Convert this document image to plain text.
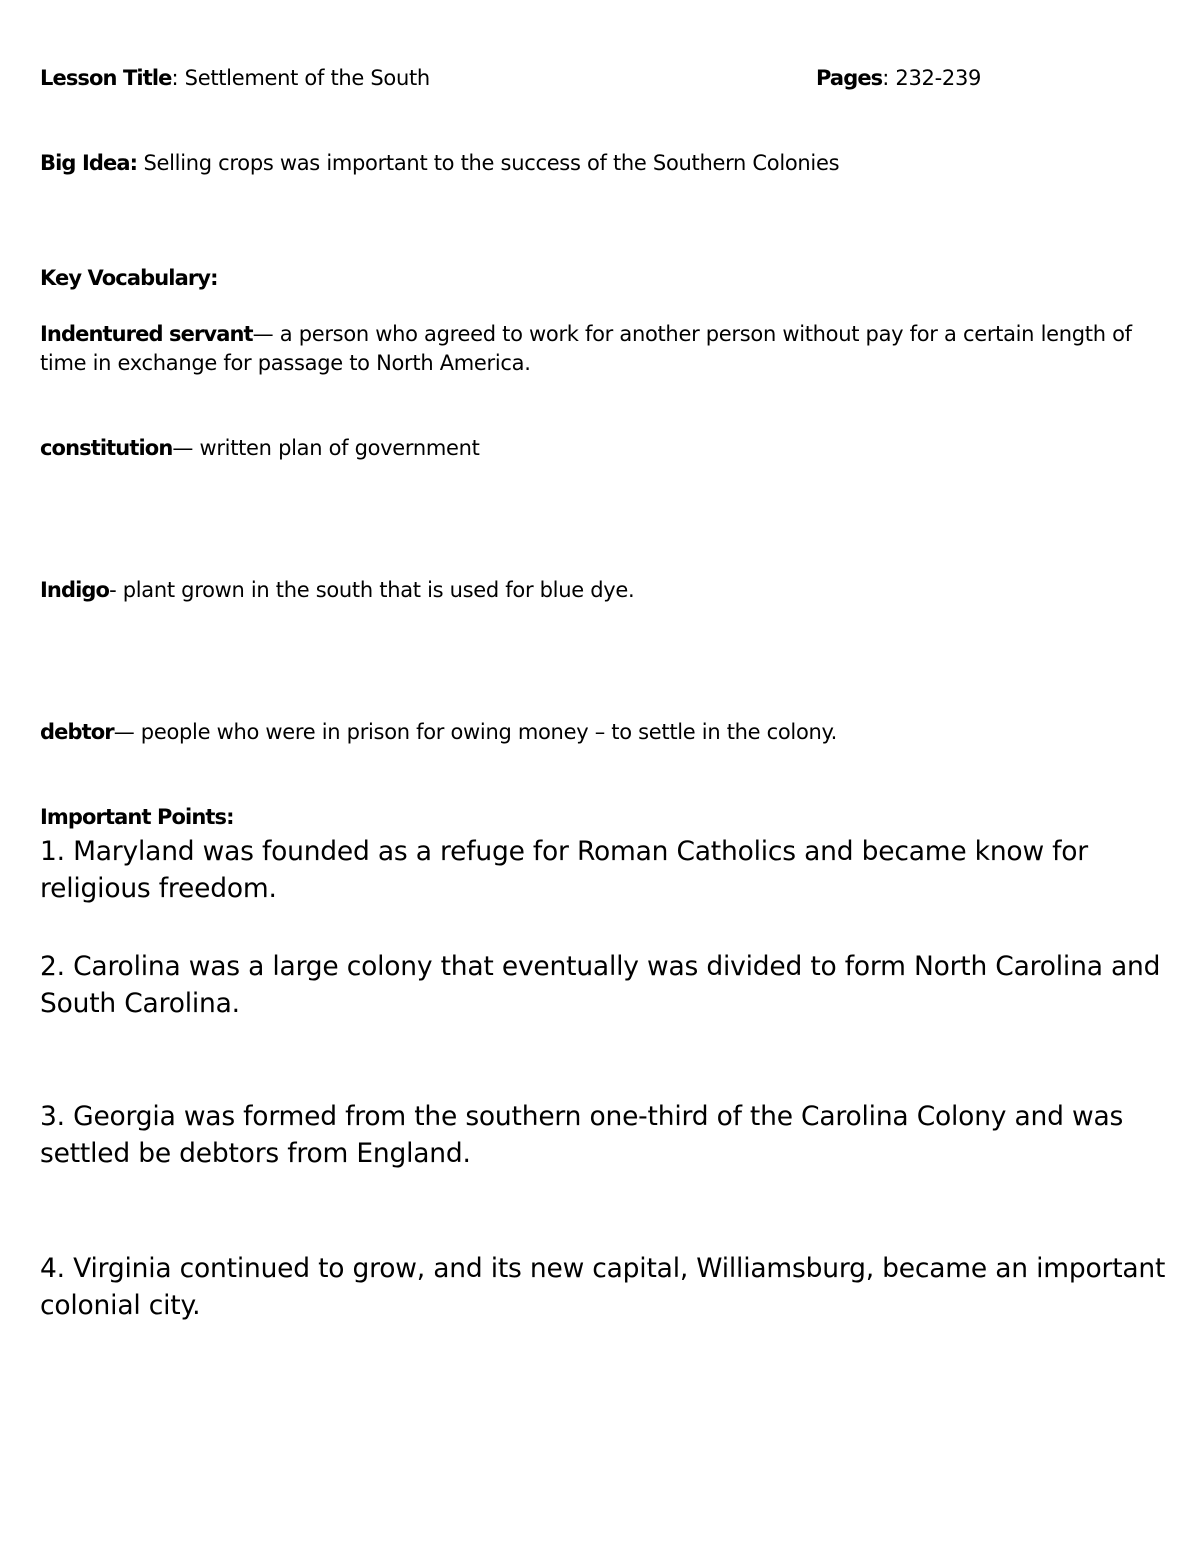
Lesson Title: Settlement of the South	Pages: 232-239
Big Idea: Selling crops was important to the success of the Southern Colonies
Key Vocabulary:
Indentured servant— a person who agreed to work for another person without pay for a certain length of time in exchange for passage to North America.
constitution— written plan of government
Indigo- plant grown in the south that is used for blue dye.
debtor— people who were in prison for owing money – to settle in the colony.
Important Points:
1. Maryland was founded as a refuge for Roman Catholics and became know for religious freedom.
2. Carolina was a large colony that eventually was divided to form North Carolina and South Carolina.
3. Georgia was formed from the southern one-third of the Carolina Colony and was settled be debtors from England.
4. Virginia continued to grow, and its new capital, Williamsburg, became an important colonial city.
